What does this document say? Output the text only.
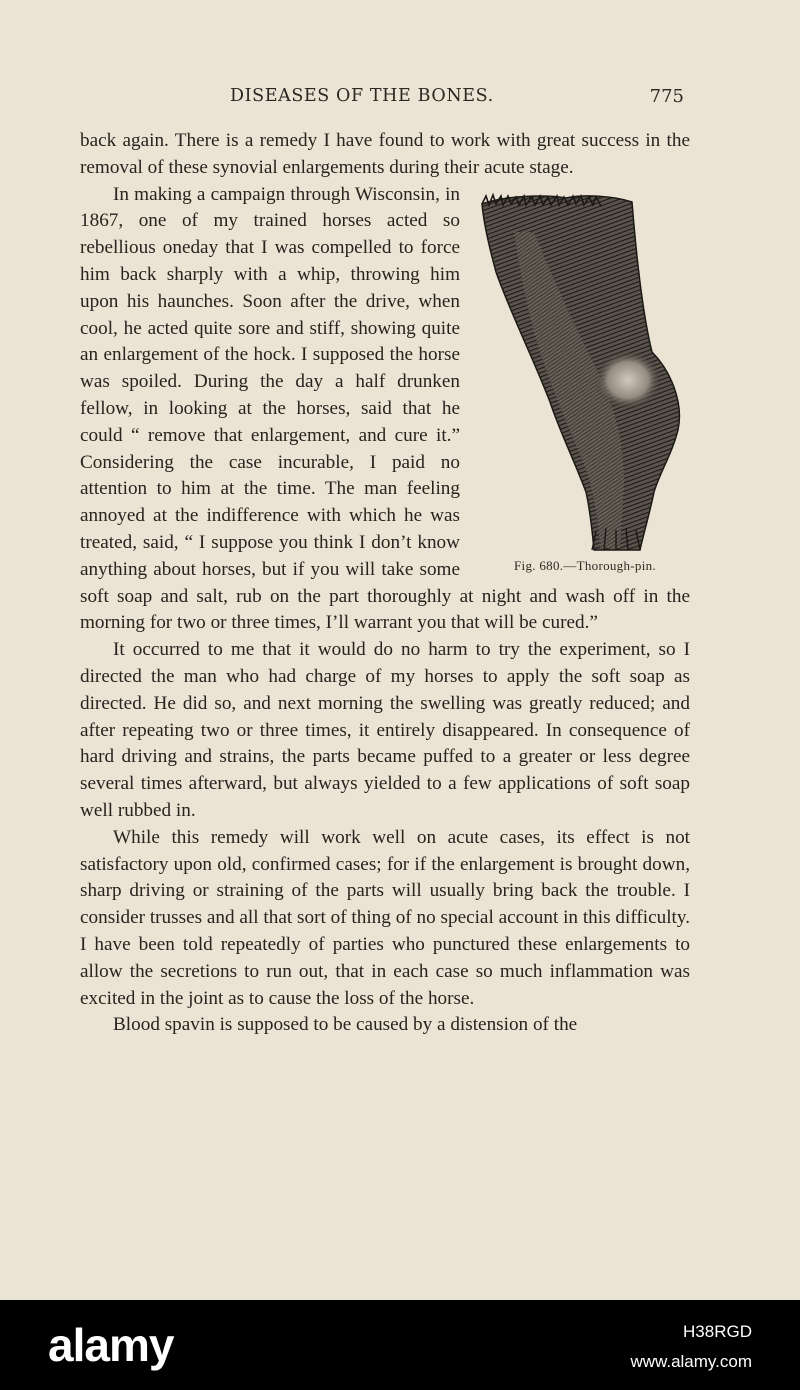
DISEASES OF THE BONES.	775

back again. There is a remedy I have found to work with great success in the removal of these synovial enlargements during their acute stage.

Fig. 680.—Thorough-pin.

In making a campaign through Wisconsin, in 1867, one of my trained horses acted so rebellious oneday that I was compelled to force him back sharply with a whip, throwing him upon his haunches. Soon after the drive, when cool, he acted quite sore and stiff, showing quite an enlargement of the hock. I supposed the horse was spoiled. During the day a half drunken fellow, in looking at the horses, said that he could “ remove that enlargement, and cure it.” Considering the case incurable, I paid no attention to him at the time. The man feeling annoyed at the indifference with which he was treated, said, “ I suppose you think I don’t know anything about horses, but if you will take some soft soap and salt, rub on the part thoroughly at night and wash off in the morning for two or three times, I’ll warrant you that will be cured.”

It occurred to me that it would do no harm to try the experiment, so I directed the man who had charge of my horses to apply the soft soap as directed. He did so, and next morning the swelling was greatly reduced; and after repeating two or three times, it entirely disappeared. In consequence of hard driving and strains, the parts became puffed to a greater or less degree several times afterward, but always yielded to a few applications of soft soap well rubbed in.

While this remedy will work well on acute cases, its effect is not satisfactory upon old, confirmed cases; for if the enlargement is brought down, sharp driving or straining of the parts will usually bring back the trouble. I consider trusses and all that sort of thing of no special account in this difficulty. I have been told repeatedly of parties who punctured these enlargements to allow the secretions to run out, that in each case so much inflammation was excited in the joint as to cause the loss of the horse.

Blood spavin is supposed to be caused by a distension of the

alamy	H38RGD
www.alamy.com
